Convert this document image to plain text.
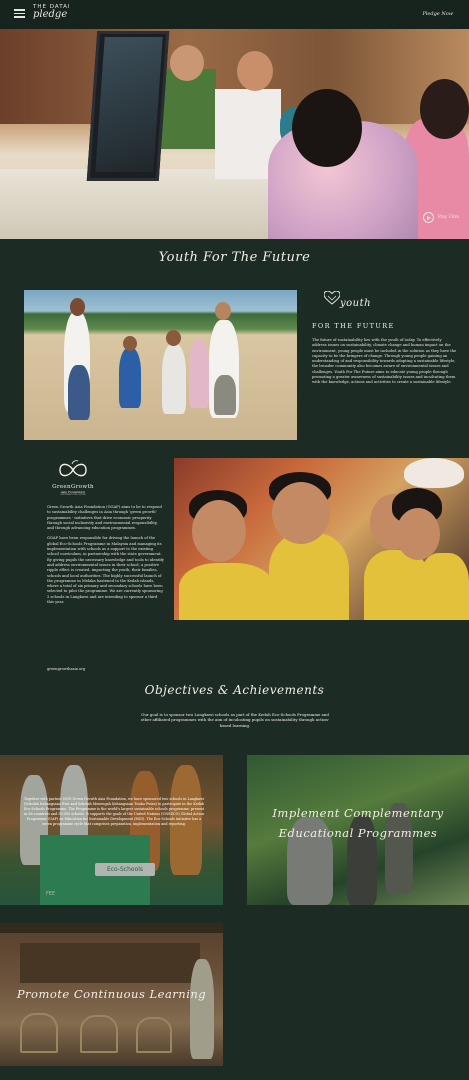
THE DATAI
pledge	Pledge Now
Play Film
Youth For The Future
youth
FOR THE FUTURE
The future of sustainability lies with the youth of today. To effectively address issues on sustainability, climate change and human impact on the environment, young people must be included in the solution as they have the capacity to be the bringers of change. Through young people gaining an understanding of and responsibility towards adopting a sustainable lifestyle, the broader community also becomes aware of environmental issues and challenges. Youth For The Future aims to educate young people through promoting a greater awareness of sustainability issues and inculcating them with the knowledge, actions and activities to create a sustainable lifestyle.
GreenGrowth
Asia Foundation
NURTURING THE FUTURE

Green Growth Asia Foundation (GGAF) aims to be to respond to sustainability challenges in Asia through 'green growth' programmes - initiatives that drive economic prosperity through social inclusivity and environmental responsibility, and through advancing education programmes.

GGAF have been responsible for driving the launch of the global Eco-Schools Programme in Malaysia and managing its implementation with schools as a support to the existing school curriculum, in partnership with the state government. By giving pupils the necessary knowledge and tools to identify and address environmental issues in their school, a positive ripple effect is created, impacting the youth, their families, schools and local authorities. The highly successful launch of the programme in Melaka hastened to the Kedah islands, where a total of six primary and secondary schools have been selected to pilot the programme. We are currently sponsoring 2 schools in Langkawi and are intending to sponsor a third this year.

greengrowthasia.org
Objectives & Achievements
Our goal is to sponsor two Langkawi schools as part of the Kedah Eco-Schools Programme and other affiliated programmes with the aim of inculcating pupils on sustainability through action-based learning.
Eco-Schools
FEE
Together with partner NGO Green Growth Asia Foundation, we have sponsored two schools in Langkawi (Sekolah Kebangsaan Ewa and Sekolah Menengah Kebangsaan Tunku Putra) to participate in the Kedah Eco-Schools Programme. The Programme is the world's largest sustainable schools programme, present in 68 countries and 59,000 schools. It supports the goals of the United Nations (UNESCO) Global Action Programme (GAP) on Education for Sustainable Development (ESD). The Eco-Schools initiative has a seven programme cycle that comprises preparation, implementation and reporting.
Implement Complementary Educational Programmes
Promote Continuous Learning
